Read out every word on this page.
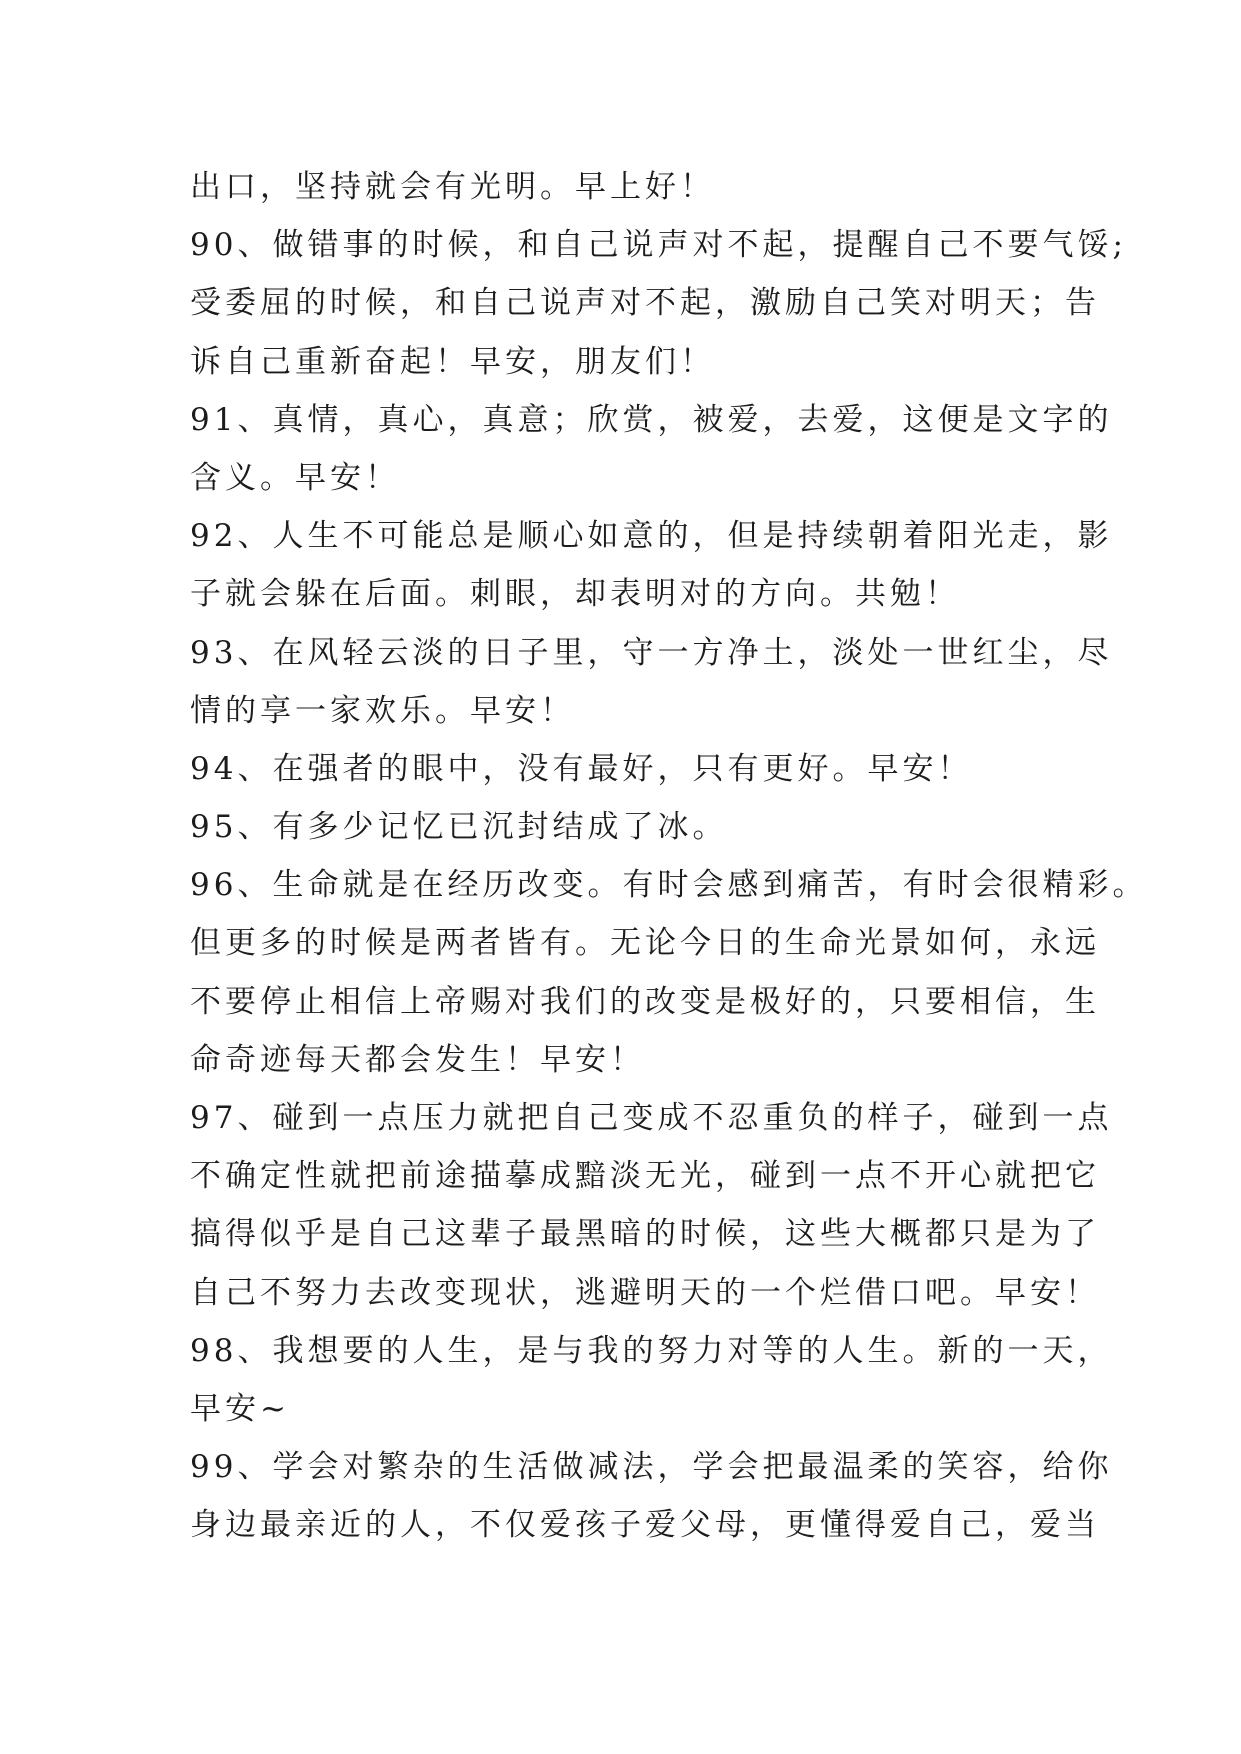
出口，坚持就会有光明。早上好！
90、做错事的时候，和自己说声对不起，提醒自己不要气馁;
受委屈的时候，和自己说声对不起，激励自己笑对明天；告
诉自己重新奋起！早安，朋友们！
91、真情，真心，真意；欣赏，被爱，去爱，这便是文字的
含义。早安！
92、人生不可能总是顺心如意的，但是持续朝着阳光走，影
子就会躲在后面。刺眼，却表明对的方向。共勉！
93、在风轻云淡的日子里，守一方净土，淡处一世红尘，尽
情的享一家欢乐。早安！
94、在强者的眼中，没有最好，只有更好。早安！
95、有多少记忆已沉封结成了冰。
96、生命就是在经历改变。有时会感到痛苦，有时会很精彩。
但更多的时候是两者皆有。无论今日的生命光景如何，永远
不要停止相信上帝赐对我们的改变是极好的，只要相信，生
命奇迹每天都会发生！早安！
97、碰到一点压力就把自己变成不忍重负的样子，碰到一点
不确定性就把前途描摹成黯淡无光，碰到一点不开心就把它
搞得似乎是自己这辈子最黑暗的时候，这些大概都只是为了
自己不努力去改变现状，逃避明天的一个烂借口吧。早安！
98、我想要的人生，是与我的努力对等的人生。新的一天，
早安~
99、学会对繁杂的生活做减法，学会把最温柔的笑容，给你
身边最亲近的人，不仅爱孩子爱父母，更懂得爱自己，爱当
